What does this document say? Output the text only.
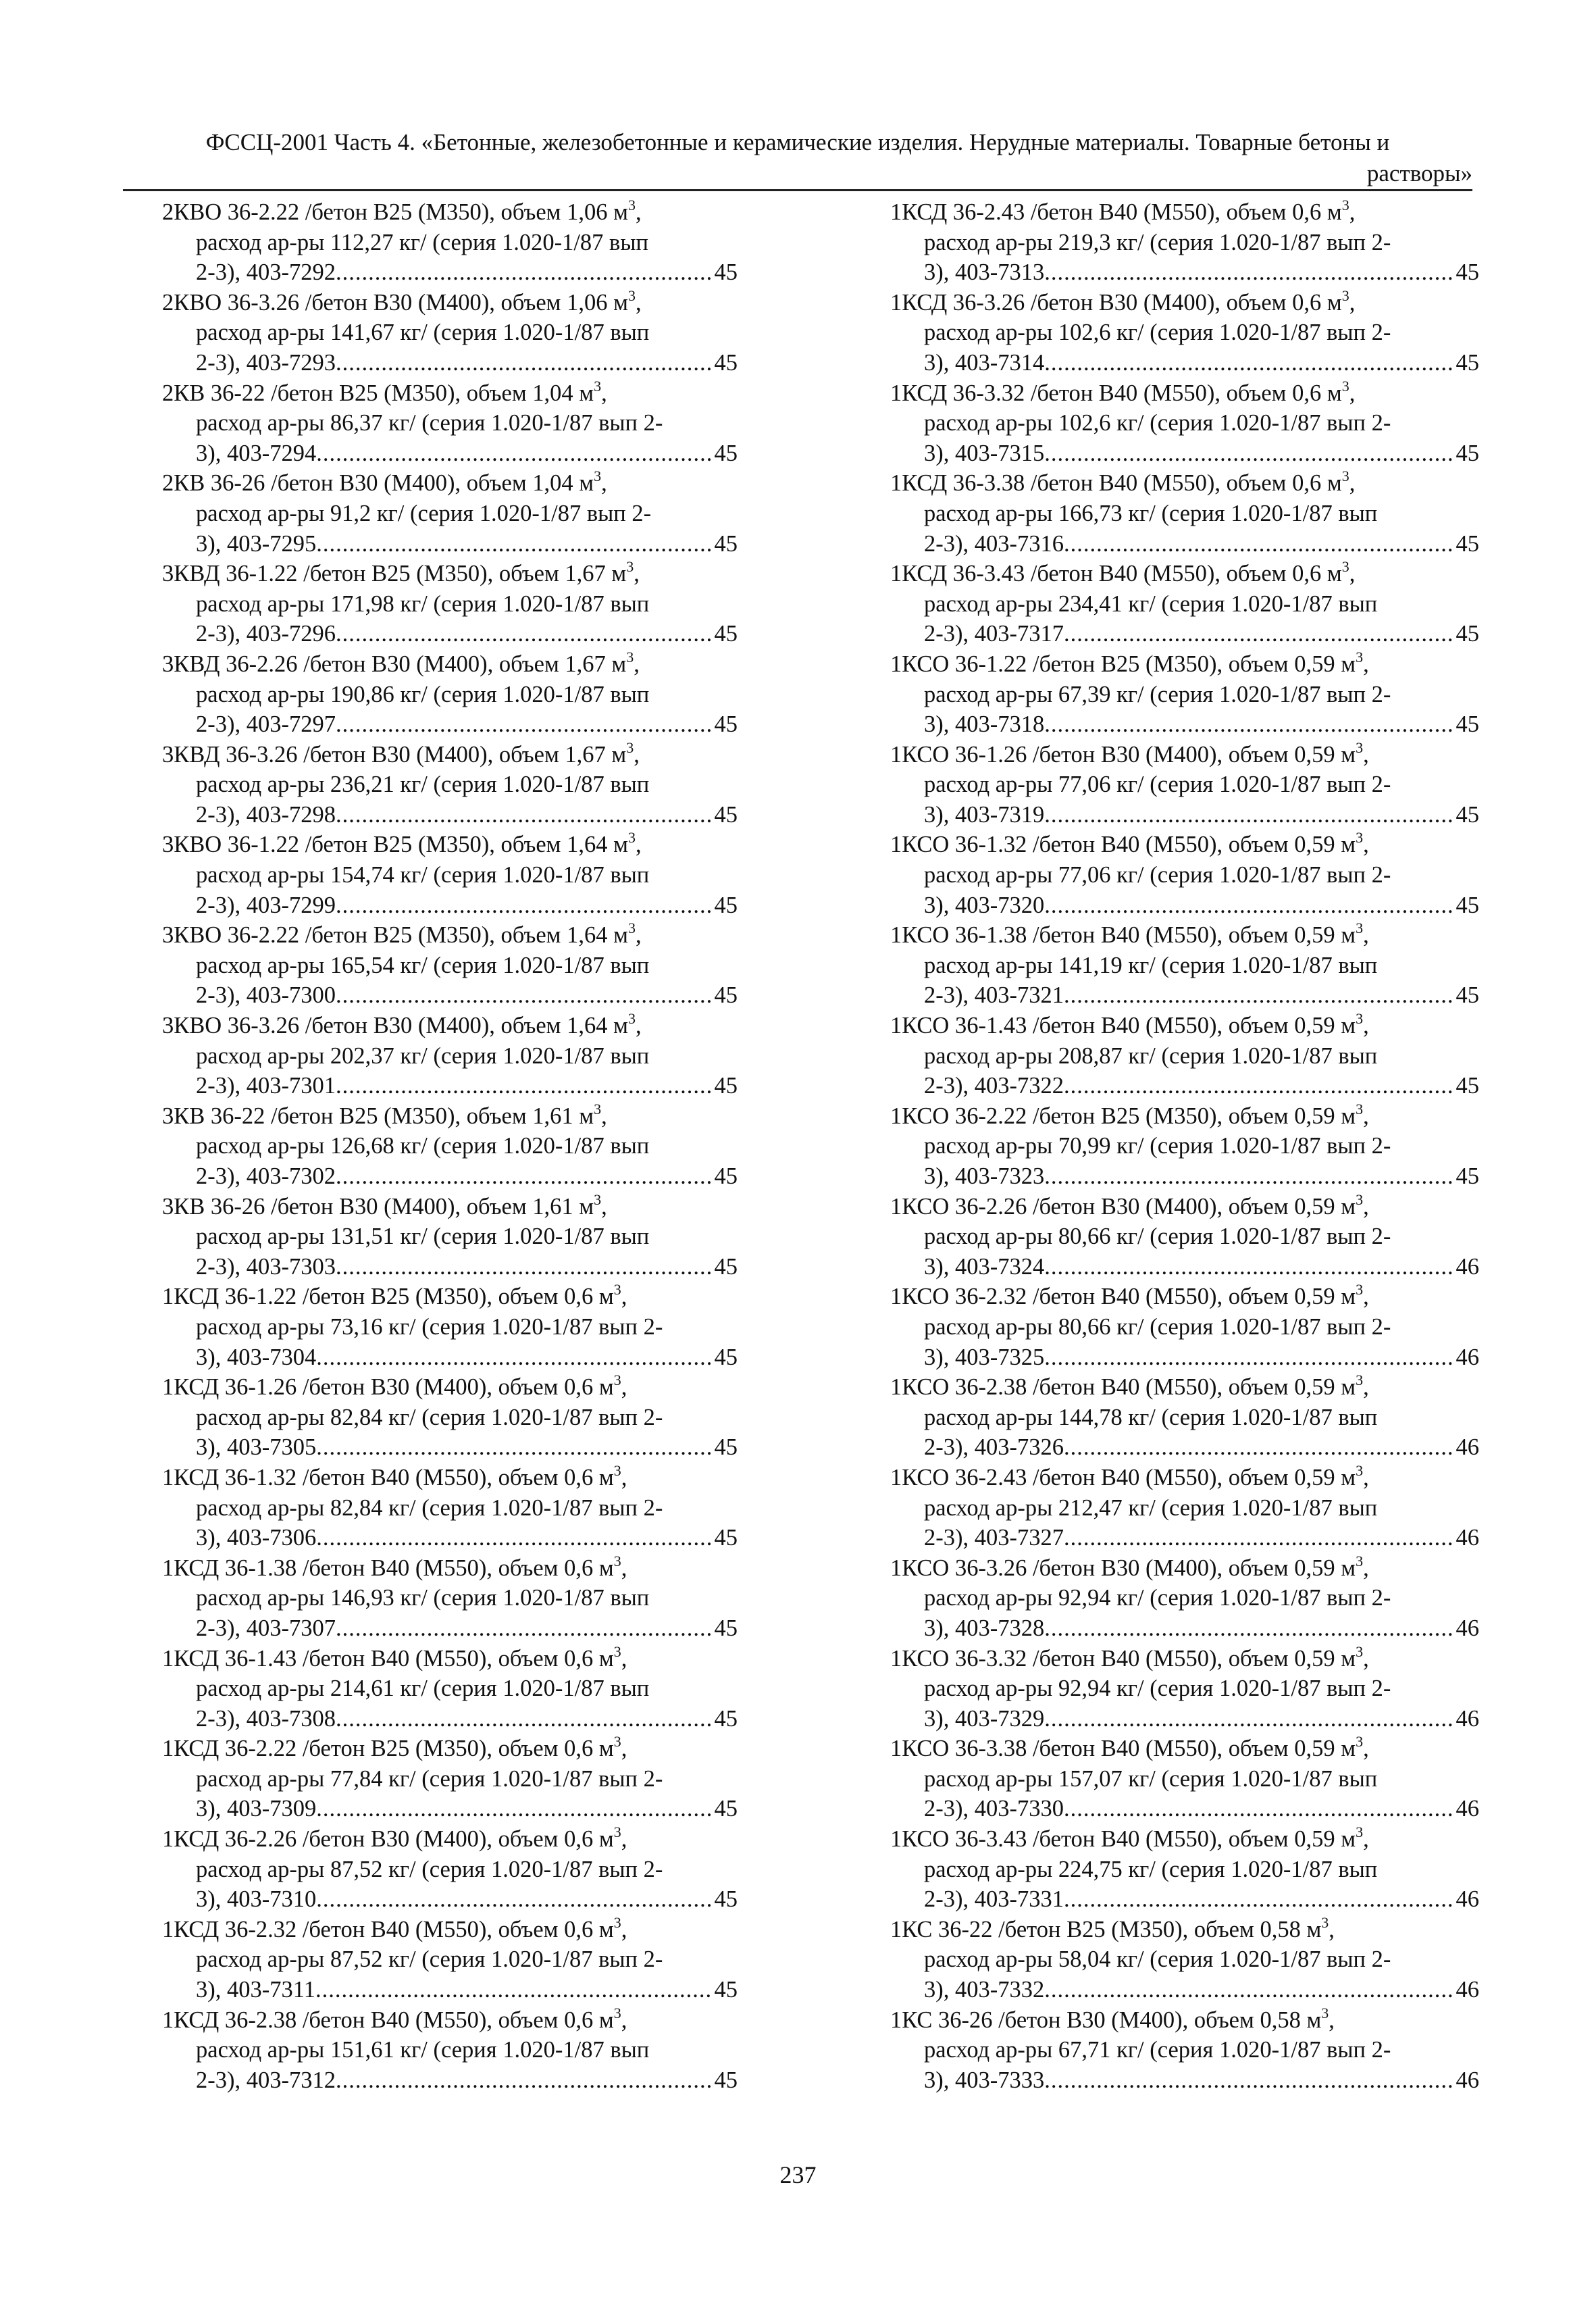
ФССЦ-2001 Часть 4. «Бетонные, железобетонные и керамические изделия. Нерудные материалы. Товарные бетоны и
растворы»
2КВО 36-2.22 /бетон В25 (М350), объем 1,06 $м^3$,
расход ар-ры 112,27 кг/ (серия 1.020-1/87 вып
2-3), 403-7292 .....	45
2КВО 36-3.26 /бетон В30 (М400), объем 1,06 $м^3$,
расход ар-ры 141,67 кг/ (серия 1.020-1/87 вып
2-3), 403-7293 .....	45
2КВ 36-22 /бетон В25 (М350), объем 1,04 $м^3$,
расход ар-ры 86,37 кг/ (серия 1.020-1/87 вып 2-
3), 403-7294 .....	45
2КВ 36-26 /бетон В30 (М400), объем 1,04 $м^3$,
расход ар-ры 91,2 кг/ (серия 1.020-1/87 вып 2-
3), 403-7295 .....	45
3КВД 36-1.22 /бетон В25 (М350), объем 1,67 $м^3$,
расход ар-ры 171,98 кг/ (серия 1.020-1/87 вып
2-3), 403-7296 .....	45
3КВД 36-2.26 /бетон В30 (М400), объем 1,67 $м^3$,
расход ар-ры 190,86 кг/ (серия 1.020-1/87 вып
2-3), 403-7297 .....	45
3КВД 36-3.26 /бетон В30 (М400), объем 1,67 $м^3$,
расход ар-ры 236,21 кг/ (серия 1.020-1/87 вып
2-3), 403-7298 .....	45
3КВО 36-1.22 /бетон В25 (М350), объем 1,64 $м^3$,
расход ар-ры 154,74 кг/ (серия 1.020-1/87 вып
2-3), 403-7299 .....	45
3КВО 36-2.22 /бетон В25 (М350), объем 1,64 $м^3$,
расход ар-ры 165,54 кг/ (серия 1.020-1/87 вып
2-3), 403-7300 .....	45
3КВО 36-3.26 /бетон В30 (М400), объем 1,64 $м^3$,
расход ар-ры 202,37 кг/ (серия 1.020-1/87 вып
2-3), 403-7301 .....	45
3КВ 36-22 /бетон В25 (М350), объем 1,61 $м^3$,
расход ар-ры 126,68 кг/ (серия 1.020-1/87 вып
2-3), 403-7302 .....	45
3КВ 36-26 /бетон В30 (М400), объем 1,61 $м^3$,
расход ар-ры 131,51 кг/ (серия 1.020-1/87 вып
2-3), 403-7303 .....	45
1КСД 36-1.22 /бетон В25 (М350), объем 0,6 $м^3$,
расход ар-ры 73,16 кг/ (серия 1.020-1/87 вып 2-
3), 403-7304 .....	45
1КСД 36-1.26 /бетон В30 (М400), объем 0,6 $м^3$,
расход ар-ры 82,84 кг/ (серия 1.020-1/87 вып 2-
3), 403-7305 .....	45
1КСД 36-1.32 /бетон В40 (М550), объем 0,6 $м^3$,
расход ар-ры 82,84 кг/ (серия 1.020-1/87 вып 2-
3), 403-7306 .....	45
1КСД 36-1.38 /бетон В40 (М550), объем 0,6 $м^3$,
расход ар-ры 146,93 кг/ (серия 1.020-1/87 вып
2-3), 403-7307 .....	45
1КСД 36-1.43 /бетон В40 (М550), объем 0,6 $м^3$,
расход ар-ры 214,61 кг/ (серия 1.020-1/87 вып
2-3), 403-7308 .....	45
1КСД 36-2.22 /бетон В25 (М350), объем 0,6 $м^3$,
расход ар-ры 77,84 кг/ (серия 1.020-1/87 вып 2-
3), 403-7309 .....	45
1КСД 36-2.26 /бетон В30 (М400), объем 0,6 $м^3$,
расход ар-ры 87,52 кг/ (серия 1.020-1/87 вып 2-
3), 403-7310 .....	45
1КСД 36-2.32 /бетон В40 (М550), объем 0,6 $м^3$,
расход ар-ры 87,52 кг/ (серия 1.020-1/87 вып 2-
3), 403-7311 .....	45
1КСД 36-2.38 /бетон В40 (М550), объем 0,6 $м^3$,
расход ар-ры 151,61 кг/ (серия 1.020-1/87 вып
2-3), 403-7312 .....	45
1КСД 36-2.43 /бетон В40 (М550), объем 0,6 $м^3$,
расход ар-ры 219,3 кг/ (серия 1.020-1/87 вып 2-
3), 403-7313 .....	45
1КСД 36-3.26 /бетон В30 (М400), объем 0,6 $м^3$,
расход ар-ры 102,6 кг/ (серия 1.020-1/87 вып 2-
3), 403-7314 .....	45
1КСД 36-3.32 /бетон В40 (М550), объем 0,6 $м^3$,
расход ар-ры 102,6 кг/ (серия 1.020-1/87 вып 2-
3), 403-7315 .....	45
1КСД 36-3.38 /бетон В40 (М550), объем 0,6 $м^3$,
расход ар-ры 166,73 кг/ (серия 1.020-1/87 вып
2-3), 403-7316 .....	45
1КСД 36-3.43 /бетон В40 (М550), объем 0,6 $м^3$,
расход ар-ры 234,41 кг/ (серия 1.020-1/87 вып
2-3), 403-7317 .....	45
1КСО 36-1.22 /бетон В25 (М350), объем 0,59 $м^3$,
расход ар-ры 67,39 кг/ (серия 1.020-1/87 вып 2-
3), 403-7318 .....	45
1КСО 36-1.26 /бетон В30 (М400), объем 0,59 $м^3$,
расход ар-ры 77,06 кг/ (серия 1.020-1/87 вып 2-
3), 403-7319 .....	45
1КСО 36-1.32 /бетон В40 (М550), объем 0,59 $м^3$,
расход ар-ры 77,06 кг/ (серия 1.020-1/87 вып 2-
3), 403-7320 .....	45
1КСО 36-1.38 /бетон В40 (М550), объем 0,59 $м^3$,
расход ар-ры 141,19 кг/ (серия 1.020-1/87 вып
2-3), 403-7321 .....	45
1КСО 36-1.43 /бетон В40 (М550), объем 0,59 $м^3$,
расход ар-ры 208,87 кг/ (серия 1.020-1/87 вып
2-3), 403-7322 .....	45
1КСО 36-2.22 /бетон В25 (М350), объем 0,59 $м^3$,
расход ар-ры 70,99 кг/ (серия 1.020-1/87 вып 2-
3), 403-7323 .....	45
1КСО 36-2.26 /бетон В30 (М400), объем 0,59 $м^3$,
расход ар-ры 80,66 кг/ (серия 1.020-1/87 вып 2-
3), 403-7324 .....	46
1КСО 36-2.32 /бетон В40 (М550), объем 0,59 $м^3$,
расход ар-ры 80,66 кг/ (серия 1.020-1/87 вып 2-
3), 403-7325 .....	46
1КСО 36-2.38 /бетон В40 (М550), объем 0,59 $м^3$,
расход ар-ры 144,78 кг/ (серия 1.020-1/87 вып
2-3), 403-7326 .....	46
1КСО 36-2.43 /бетон В40 (М550), объем 0,59 $м^3$,
расход ар-ры 212,47 кг/ (серия 1.020-1/87 вып
2-3), 403-7327 .....	46
1КСО 36-3.26 /бетон В30 (М400), объем 0,59 $м^3$,
расход ар-ры 92,94 кг/ (серия 1.020-1/87 вып 2-
3), 403-7328 .....	46
1КСО 36-3.32 /бетон В40 (М550), объем 0,59 $м^3$,
расход ар-ры 92,94 кг/ (серия 1.020-1/87 вып 2-
3), 403-7329 .....	46
1КСО 36-3.38 /бетон В40 (М550), объем 0,59 $м^3$,
расход ар-ры 157,07 кг/ (серия 1.020-1/87 вып
2-3), 403-7330 .....	46
1КСО 36-3.43 /бетон В40 (М550), объем 0,59 $м^3$,
расход ар-ры 224,75 кг/ (серия 1.020-1/87 вып
2-3), 403-7331 .....	46
1КС 36-22 /бетон В25 (М350), объем 0,58 $м^3$,
расход ар-ры 58,04 кг/ (серия 1.020-1/87 вып 2-
3), 403-7332 .....	46
1КС 36-26 /бетон В30 (М400), объем 0,58 $м^3$,
расход ар-ры 67,71 кг/ (серия 1.020-1/87 вып 2-
3), 403-7333 .....	46
237
